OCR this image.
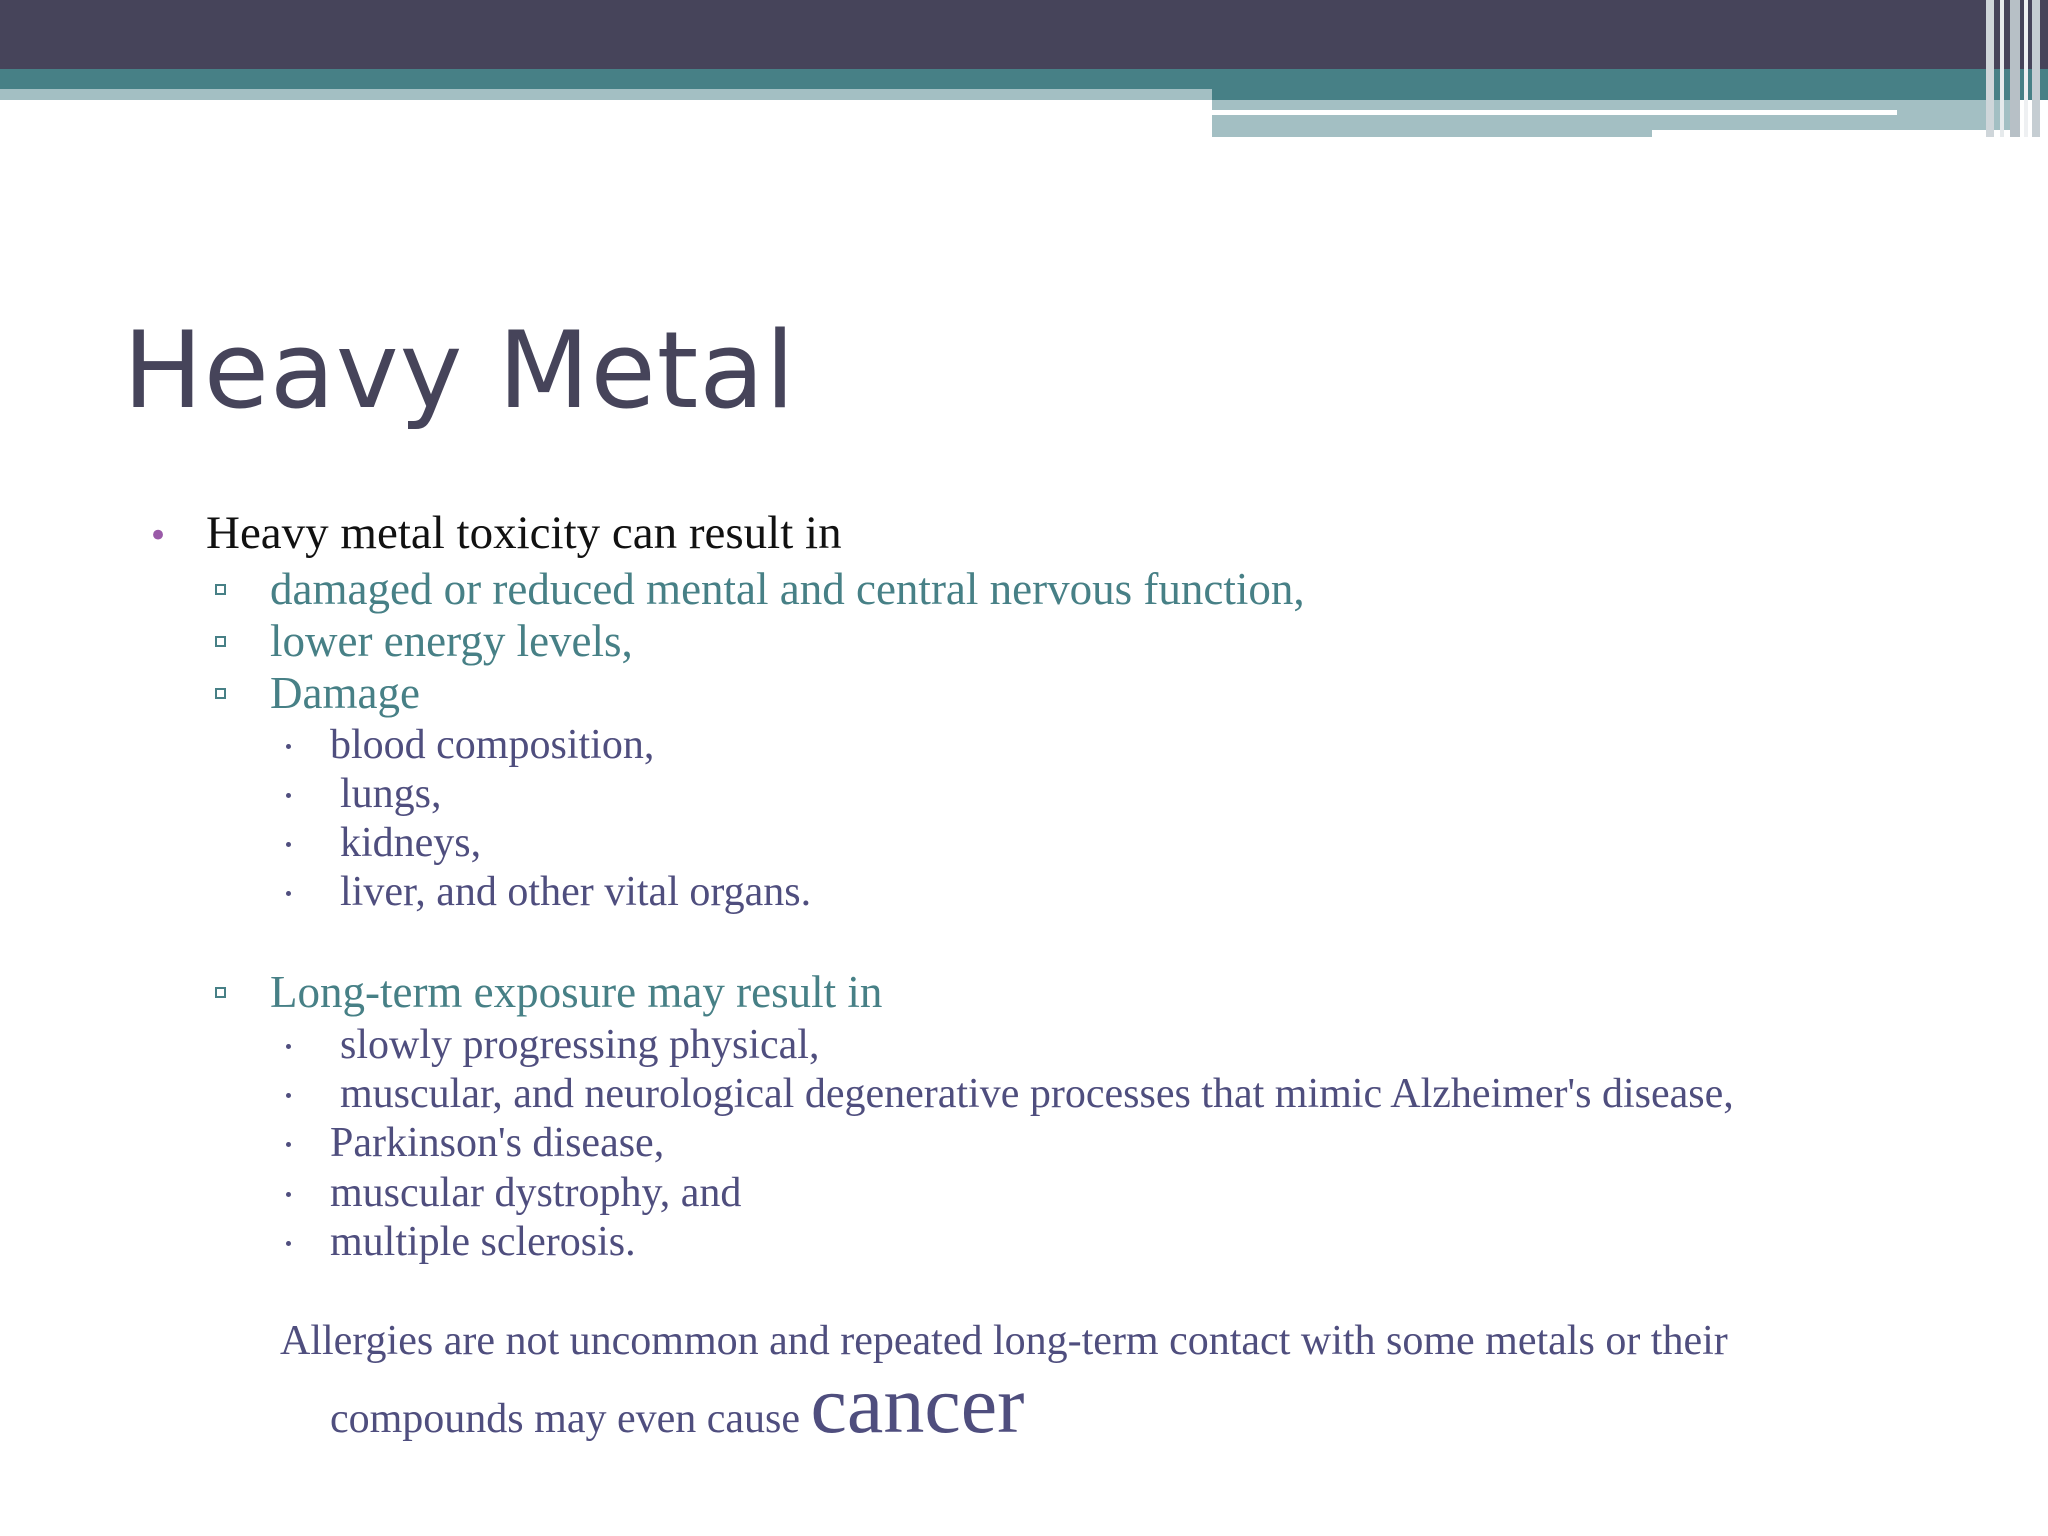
Heavy Metal
• Heavy metal toxicity can result in

damaged or reduced mental and central nervous function,

lower energy levels,

Damage

blood composition,

lungs,

kidneys,

liver, and other vital organs.

Long-term exposure may result in

slowly progressing physical,

muscular, and neurological degenerative processes that mimic Alzheimer's disease,

Parkinson's disease,

muscular dystrophy, and

multiple sclerosis.

Allergies are not uncommon and repeated long-term contact with some metals or their

compounds may even cause cancer
